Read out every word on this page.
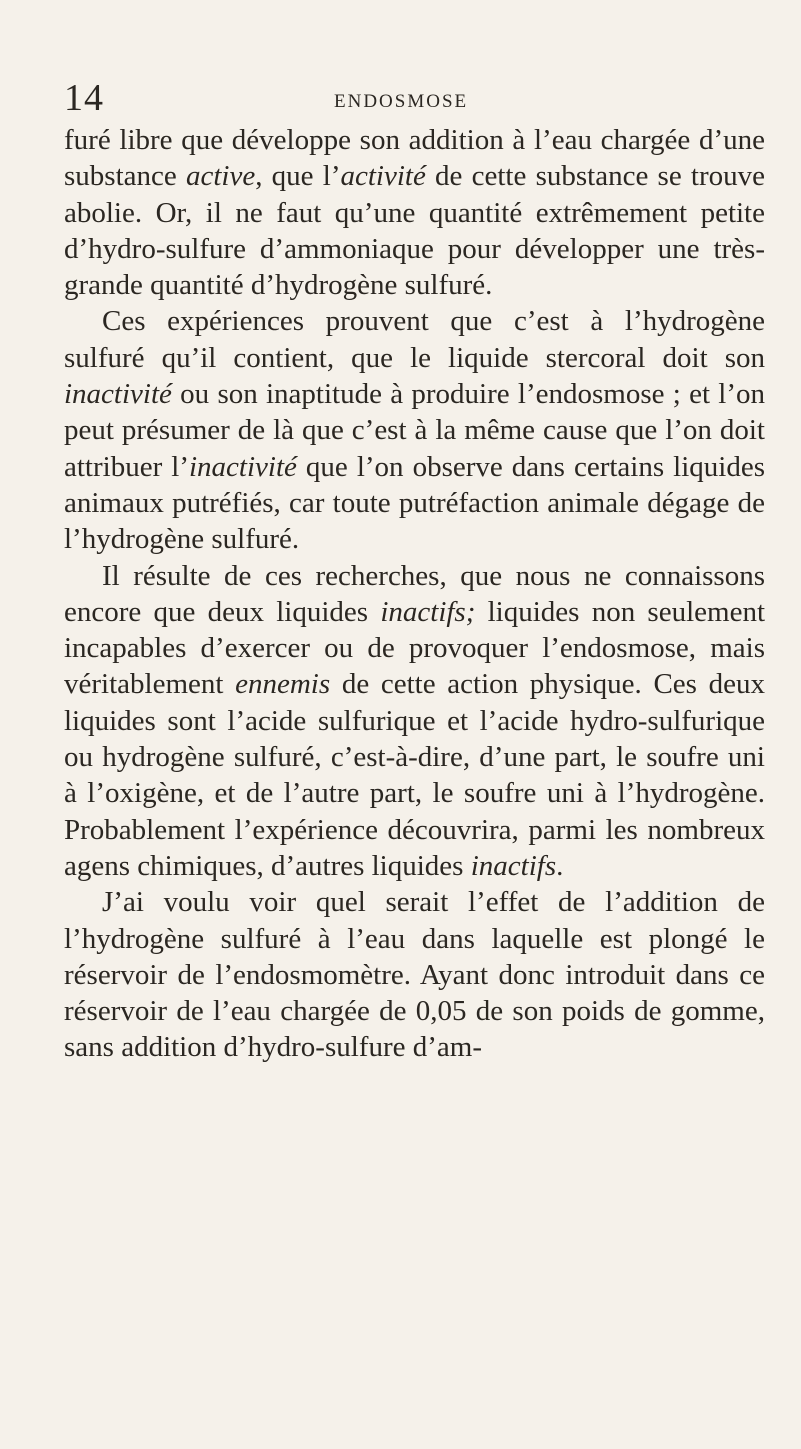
14	ENDOSMOSE

furé libre que développe son addition à l’eau chargée d’une substance active, que l’activité de cette substance se trouve abolie. Or, il ne faut qu’une quantité extrêmement petite d’hydro-sulfure d’ammoniaque pour développer une très-grande quantité d’hydrogène sulfuré.

Ces expériences prouvent que c’est à l’hydrogène sulfuré qu’il contient, que le liquide stercoral doit son inactivité ou son inaptitude à produire l’endosmose ; et l’on peut présumer de là que c’est à la même cause que l’on doit attribuer l’inactivité que l’on observe dans certains liquides animaux putréfiés, car toute putréfaction animale dégage de l’hydrogène sulfuré.

Il résulte de ces recherches, que nous ne connaissons encore que deux liquides inactifs; liquides non seulement incapables d’exercer ou de provoquer l’endosmose, mais véritablement ennemis de cette action physique. Ces deux liquides sont l’acide sulfurique et l’acide hydro-sulfurique ou hydrogène sulfuré, c’est-à-dire, d’une part, le soufre uni à l’oxigène, et de l’autre part, le soufre uni à l’hydrogène. Probablement l’expérience découvrira, parmi les nombreux agens chimiques, d’autres liquides inactifs.

J’ai voulu voir quel serait l’effet de l’addition de l’hydrogène sulfuré à l’eau dans laquelle est plongé le réservoir de l’endosmomètre. Ayant donc introduit dans ce réservoir de l’eau chargée de 0,05 de son poids de gomme, sans addition d’hydro-sulfure d’am-
